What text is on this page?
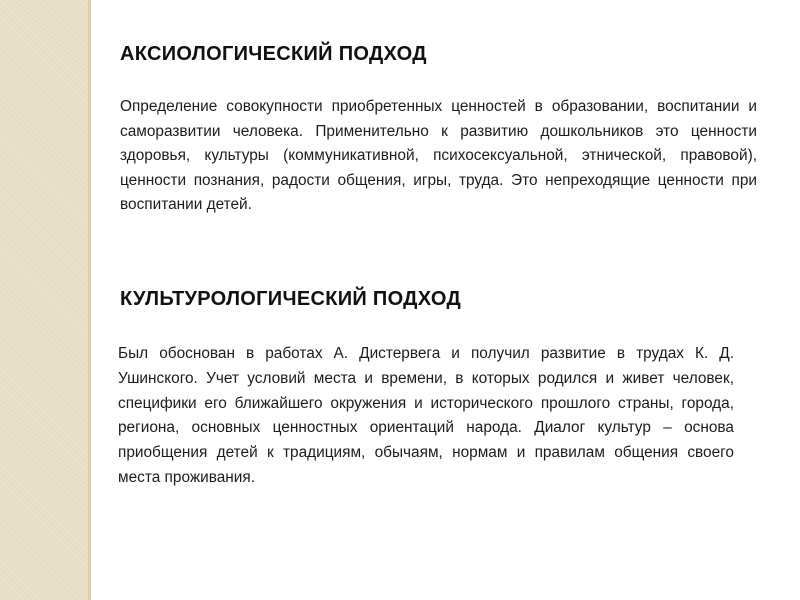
АКСИОЛОГИЧЕСКИЙ ПОДХОД

Определение совокупности приобретенных ценностей в образовании, воспитании и саморазвитии человека. Применительно к развитию дошкольников это ценности здоровья, культуры (коммуникативной, психосексуальной, этнической, правовой), ценности познания, радости общения, игры, труда. Это непреходящие ценности при воспитании детей.

КУЛЬТУРОЛОГИЧЕСКИЙ ПОДХОД

Был обоснован в работах А. Дистервега и получил развитие в трудах К. Д. Ушинского. Учет условий места и времени, в которых родился и живет человек, специфики его ближайшего окружения и исторического прошлого страны, города, региона, основных ценностных ориентаций народа. Диалог культур – основа приобщения детей к традициям, обычаям, нормам и правилам общения своего места проживания.
